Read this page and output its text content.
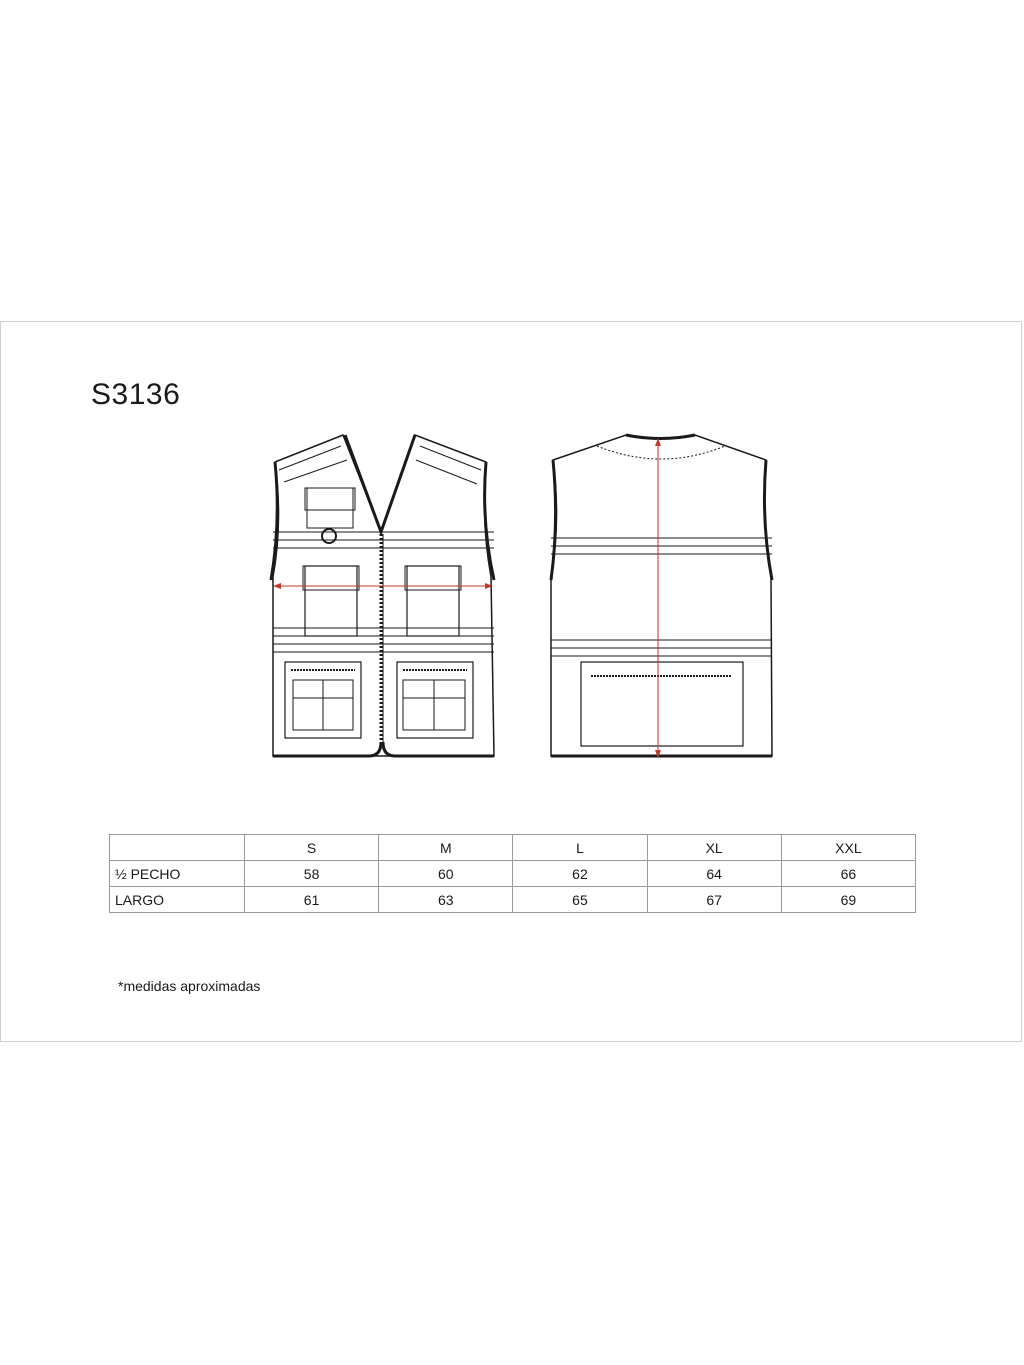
S3136
	S	M	L	XL	XXL
½ PECHO	58	60	62	64	66
LARGO	61	63	65	67	69
*medidas aproximadas
